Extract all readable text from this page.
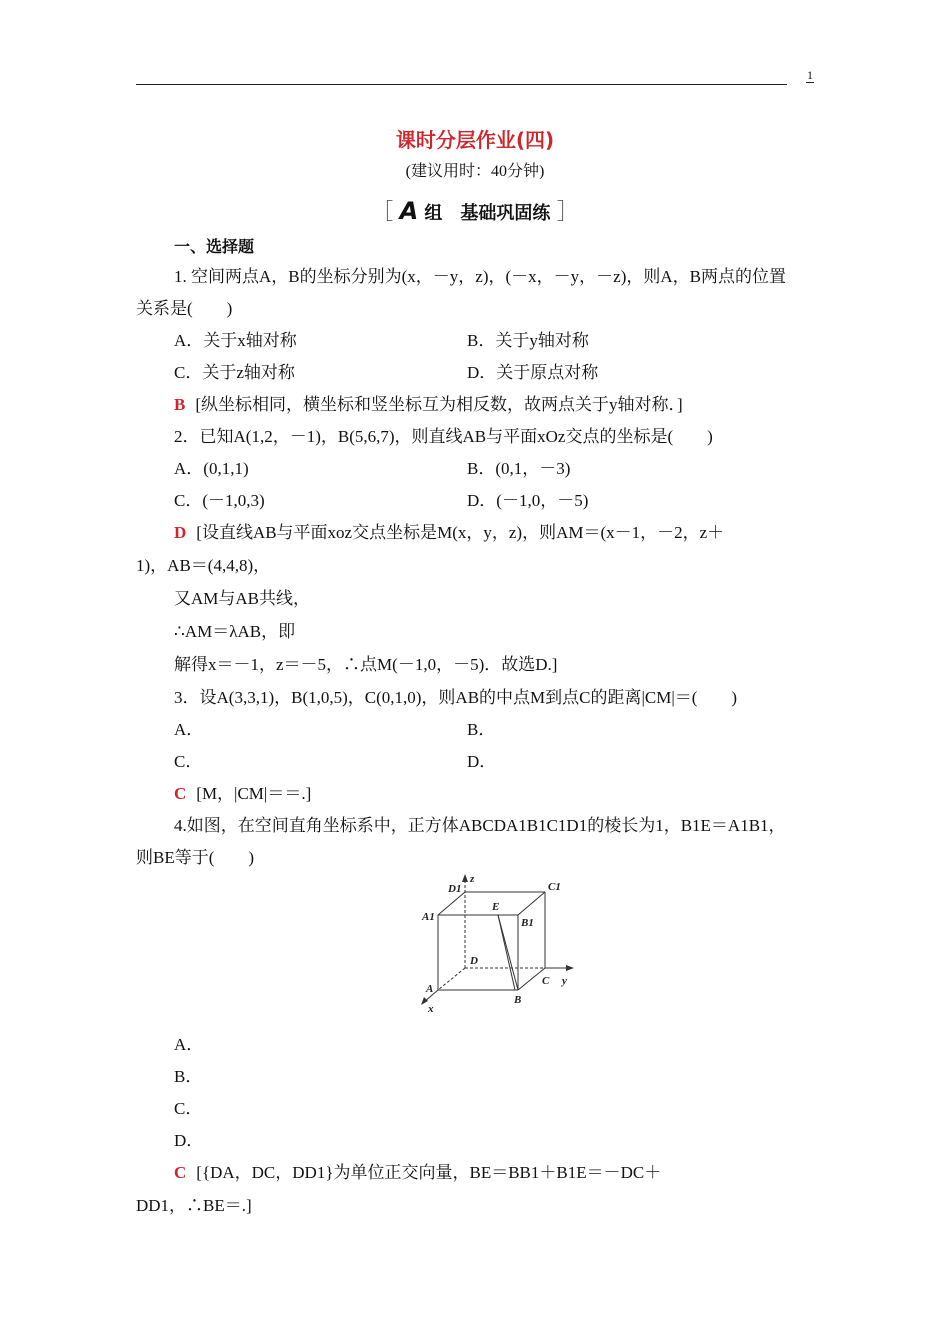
1
课时分层作业(四)
(建议用时：40分钟)
［ A 组　基础巩固练 ］
一、选择题
1. 空间两点A，B的坐标分别为(x，－y，z)，(－x，－y，－z)，则A，B两点的位置
关系是(　　)
A．关于x轴对称	B．关于y轴对称
C．关于z轴对称	D．关于原点对称
B [纵坐标相同，横坐标和竖坐标互为相反数，故两点关于y轴对称．]
2．已知A(1,2，－1)，B(5,6,7)，则直线AB与平面xOz交点的坐标是(　　)
A．(0,1,1)	B．(0,1，－3)
C．(－1,0,3)	D．(－1,0，－5)
D [设直线AB与平面xoz交点坐标是M(x，y，z)，则AM＝(x－1，－2，z＋
1)，AB＝(4,4,8)，
又AM与AB共线，
∴AM＝λAB，即
解得x＝－1，z＝－5，∴点M(－1,0，－5)．故选D.]
3．设A(3,3,1)，B(1,0,5)，C(0,1,0)，则AB的中点M到点C的距离|CM|＝(　　)
A．	B．
C．	D．
C [M，|CM|＝＝.]
4.如图，在空间直角坐标系中，正方体ABCDA1B1C1D1的棱长为1，B1E＝A1B1，
则BE等于(　　)
z
D1	C1
A1
E
B1
D
C y
A
B
x
A．
B．
C．
D．
C [{DA，DC，DD1}为单位正交向量，BE＝BB1＋B1E＝－DC＋
DD1，∴BE＝.]
